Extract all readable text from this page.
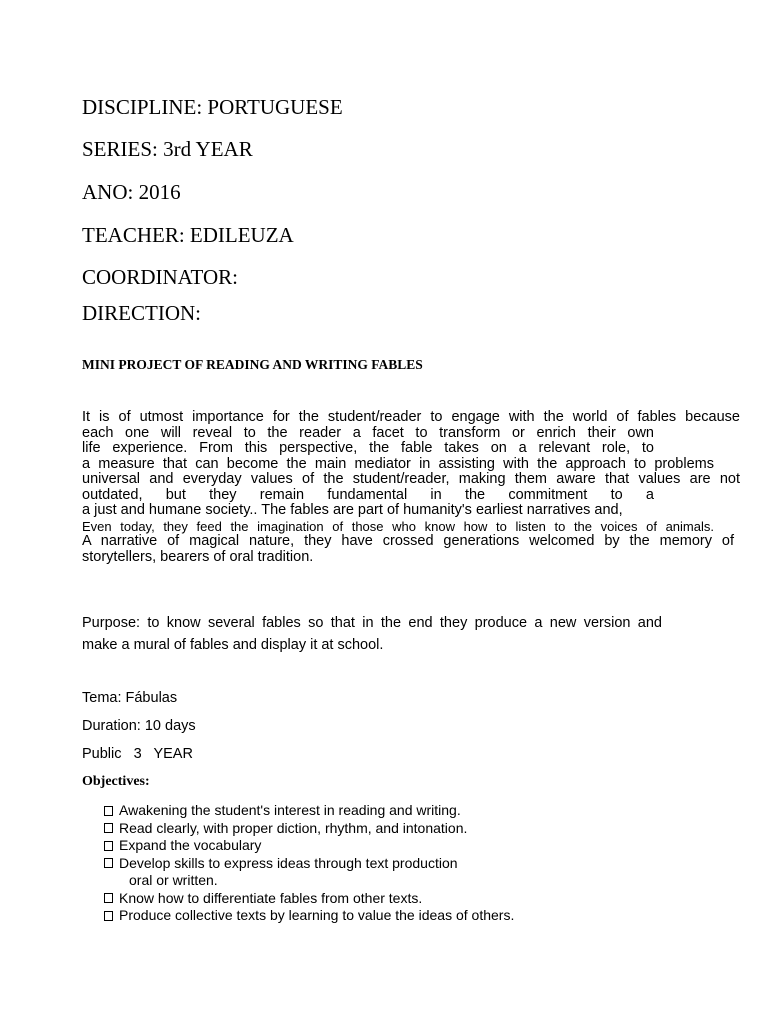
DISCIPLINE: PORTUGUESE
SERIES: 3rd YEAR
ANO: 2016
TEACHER: EDILEUZA
COORDINATOR:
DIRECTION:
MINI PROJECT OF READING AND WRITING FABLES
It is of utmost importance for the student/reader to engage with the world of fables because
each one will reveal to the reader a facet to transform or enrich their own
life experience. From this perspective, the fable takes on a relevant role, to
a measure that can become the main mediator in assisting with the approach to problems
universal and everyday values of the student/reader, making them aware that values are not
outdated, but they remain fundamental in the commitment to a
a just and humane society.. The fables are part of humanity's earliest narratives and,
Even today, they feed the imagination of those who know how to listen to the voices of animals.
A narrative of magical nature, they have crossed generations welcomed by the memory of
storytellers, bearers of oral tradition.
Purpose: to know several fables so that in the end they produce a new version and
make a mural of fables and display it at school.
Tema: Fábulas
Duration: 10 days
Public   3   YEAR
Objectives:
Awakening the student's interest in reading and writing.
Read clearly, with proper diction, rhythm, and intonation.
Expand the vocabulary
Develop skills to express ideas through text production
oral or written.
Know how to differentiate fables from other texts.
Produce collective texts by learning to value the ideas of others.
